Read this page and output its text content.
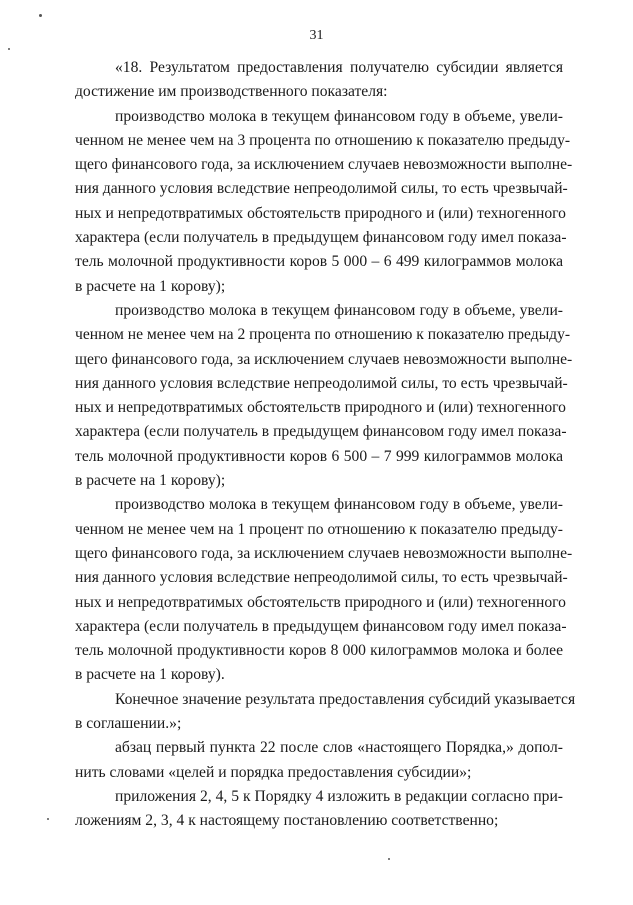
31
«18. Результатом предоставления получателю субсидии является
достижение им производственного показателя:
производство молока в текущем финансовом году в объеме, увели-
ченном не менее чем на 3 процента по отношению к показателю предыду-
щего финансового года, за исключением случаев невозможности выполне-
ния данного условия вследствие непреодолимой силы, то есть чрезвычай-
ных и непредотвратимых обстоятельств природного и (или) техногенного
характера (если получатель в предыдущем финансовом году имел показа-
тель молочной продуктивности коров 5 000 – 6 499 килограммов молока
в расчете на 1 корову);
производство молока в текущем финансовом году в объеме, увели-
ченном не менее чем на 2 процента по отношению к показателю предыду-
щего финансового года, за исключением случаев невозможности выполне-
ния данного условия вследствие непреодолимой силы, то есть чрезвычай-
ных и непредотвратимых обстоятельств природного и (или) техногенного
характера (если получатель в предыдущем финансовом году имел показа-
тель молочной продуктивности коров 6 500 – 7 999 килограммов молока
в расчете на 1 корову);
производство молока в текущем финансовом году в объеме, увели-
ченном не менее чем на 1 процент по отношению к показателю предыду-
щего финансового года, за исключением случаев невозможности выполне-
ния данного условия вследствие непреодолимой силы, то есть чрезвычай-
ных и непредотвратимых обстоятельств природного и (или) техногенного
характера (если получатель в предыдущем финансовом году имел показа-
тель молочной продуктивности коров 8 000 килограммов молока и более
в расчете на 1 корову).
Конечное значение результата предоставления субсидий указывается
в соглашении.»;
абзац первый пункта 22 после слов «настоящего Порядка,» допол-
нить словами «целей и порядка предоставления субсидии»;
приложения 2, 4, 5 к Порядку 4 изложить в редакции согласно при-
ложениям 2, 3, 4 к настоящему постановлению соответственно;
